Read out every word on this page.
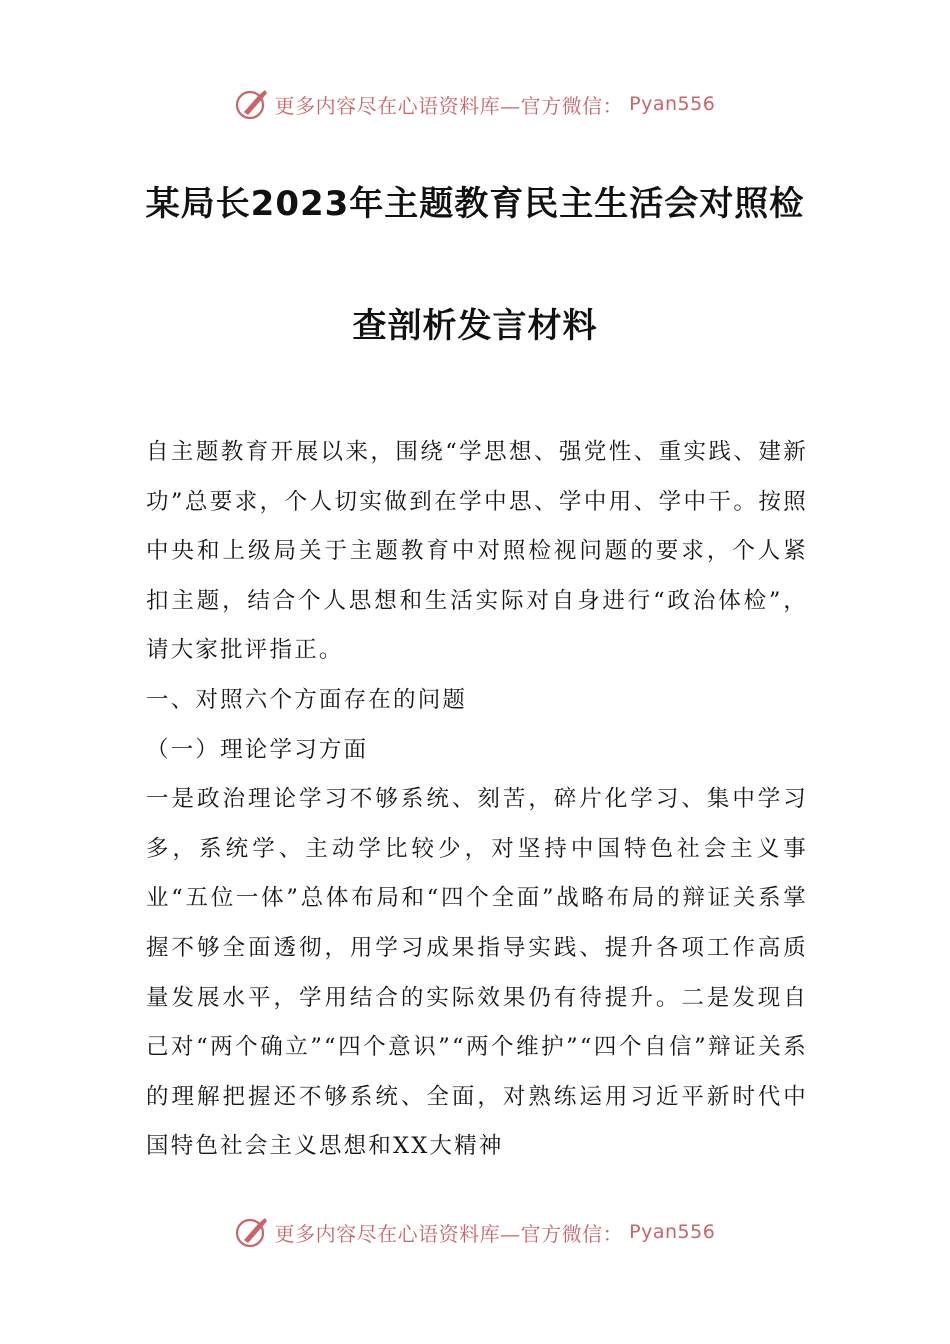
更多内容尽在心语资料库—官方微信： Pyan556
某局长2023年主题教育民主生活会对照检
查剖析发言材料

自主题教育开展以来，围绕“学思想、强党性、重实践、建新功”总要求，个人切实做到在学中思、学中用、学中干。按照中央和上级局关于主题教育中对照检视问题的要求，个人紧扣主题，结合个人思想和生活实际对自身进行“政治体检”，请大家批评指正。

一、对照六个方面存在的问题

（一）理论学习方面

一是政治理论学习不够系统、刻苦，碎片化学习、集中学习多，系统学、主动学比较少，对坚持中国特色社会主义事业“五位一体”总体布局和“四个全面”战略布局的辩证关系掌握不够全面透彻，用学习成果指导实践、提升各项工作高质量发展水平，学用结合的实际效果仍有待提升。二是发现自己对“两个确立”“四个意识”“两个维护”“四个自信”辩证关系的理解把握还不够系统、全面，对熟练运用习近平新时代中国特色社会主义思想和XX大精神

更多内容尽在心语资料库—官方微信： Pyan556
